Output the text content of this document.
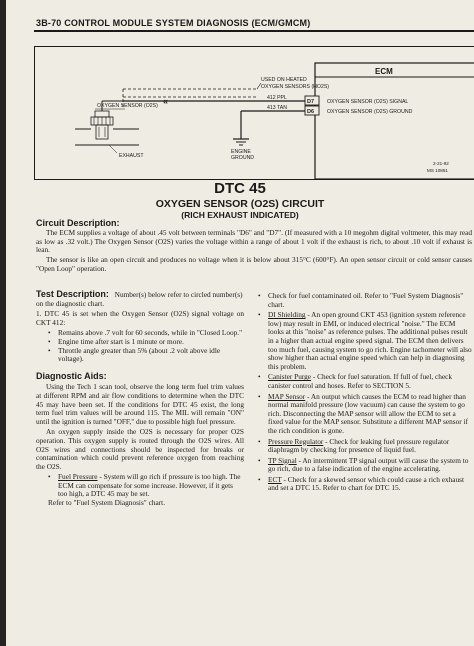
3B-70 CONTROL MODULE SYSTEM DIAGNOSIS (ECM/GMCM)
ECM
USED ON HEATED
OXYGEN SENSORS (HO2S)
«	412 PPL
D7 OXYGEN SENSOR (O2S) SIGNAL
413 TAN
D6 OXYGEN SENSOR (O2S) GROUND
ENGINE
GROUND
OXYGEN SENSOR (O2S)
EXHAUST
2-21-92
MS 10851
DTC 45
OXYGEN SENSOR (O2S) CIRCUIT
(RICH EXHAUST INDICATED)
Circuit Description:
The ECM supplies a voltage of about .45 volt between terminals "D6" and "D7". (If measured with a 10 megohm digital voltmeter, this may read as low as .32 volt.) The Oxygen Sensor (O2S) varies the voltage within a range of about 1 volt if the exhaust is rich, to about .10 volt if exhaust is lean.
The sensor is like an open circuit and produces no voltage when it is below about 315°C (600°F). An open sensor circuit or cold sensor causes "Open Loop" operation.
Test Description: Number(s) below refer to circled number(s) on the diagnostic chart.

1. DTC 45 is set when the Oxygen Sensor (O2S) signal voltage on CKT 412:

•	Remains above .7 volt for 60 seconds, while in "Closed Loop."
•	Engine time after start is 1 minute or more.
•	Throttle angle greater than 5% (about .2 volt above idle voltage).
Diagnostic Aids:

Using the Tech 1 scan tool, observe the long term fuel trim values at different RPM and air flow conditions to determine when the DTC 45 may have been set. If the conditions for DTC 45 exist, the long term fuel trim values will be around 115. The MIL will remain "ON" until the ignition is turned "OFF," due to possible high fuel pressure.

An oxygen supply inside the O2S is necessary for proper O2S operation. This oxygen supply is routed through the O2S wires. All O2S wires and connections should be inspected for breaks or contamination which could prevent reference oxygen from reaching the O2S.

•	Fuel Pressure - System will go rich if pressure is too high. The ECM can compensate for some increase. However, if it gets too high, a DTC 45 may be set.

Refer to "Fuel System Diagnosis" chart.

•	Check for fuel contaminated oil. Refer to "Fuel System Diagnosis" chart.
•	DI Shielding - An open ground CKT 453 (ignition system reference low) may result in EMI, or induced electrical "noise." The ECM looks at this "noise" as reference pulses. The additional pulses result in a higher than actual engine speed signal. The ECM then delivers too much fuel, causing system to go rich. Engine tachometer will also show higher than actual engine speed which can help in diagnosing this problem.
•	Canister Purge - Check for fuel saturation. If full of fuel, check canister control and hoses. Refer to SECTION 5.
•	MAP Sensor - An output which causes the ECM to read higher than normal manifold pressure (low vacuum) can cause the system to go rich. Disconnecting the MAP sensor will allow the ECM to set a fixed value for the MAP sensor. Substitute a different MAP sensor if the rich condition is gone.
•	Pressure Regulator - Check for leaking fuel pressure regulator diaphragm by checking for presence of liquid fuel.
•	TP Signal - An intermittent TP signal output will cause the system to go rich, due to a false indication of the engine accelerating.
•	ECT - Check for a skewed sensor which could cause a rich exhaust and set a DTC 15. Refer to chart for DTC 15.
